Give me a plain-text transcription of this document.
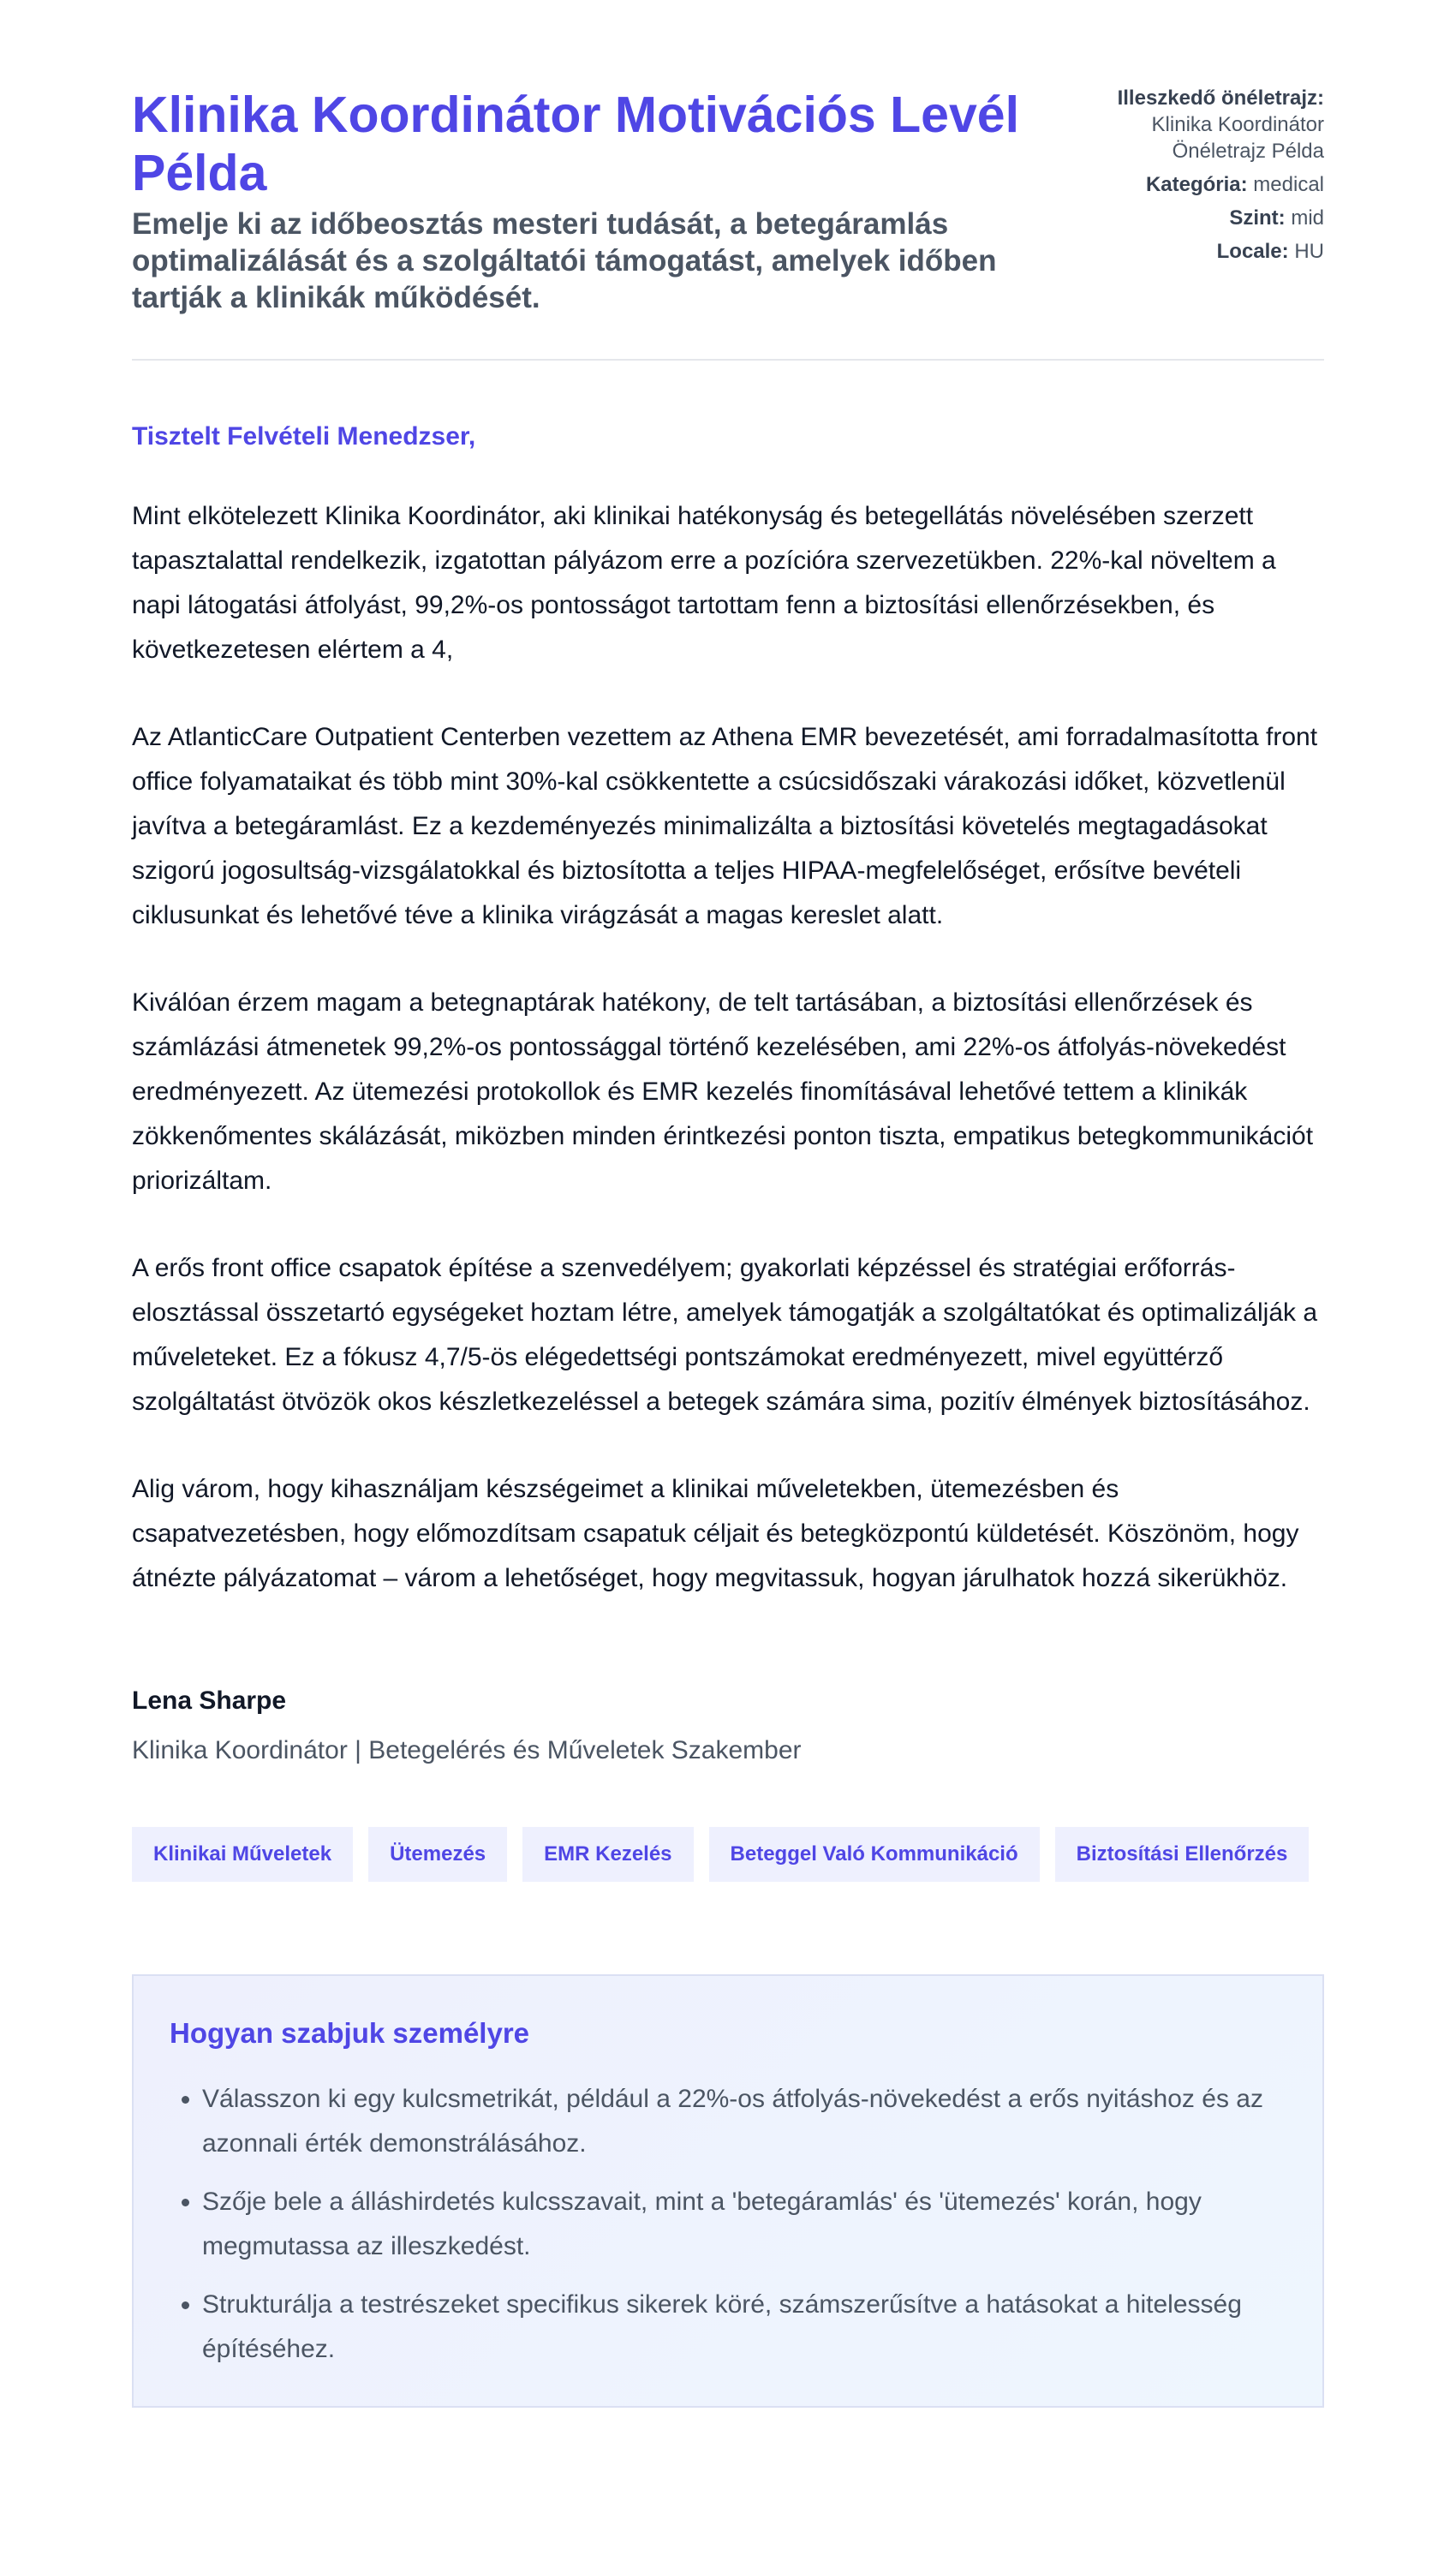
Klinika Koordinátor Motivációs Levél Példa
Emelje ki az időbeosztás mesteri tudását, a betegáramlás optimalizálását és a szolgáltatói támogatást, amelyek időben tartják a klinikák működését.
Illeszkedő önéletrajz:
Klinika Koordinátor
Önéletrajz Példa
Kategória: medical
Szint: mid
Locale: HU

Tisztelt Felvételi Menedzser,

Mint elkötelezett Klinika Koordinátor, aki klinikai hatékonyság és betegellátás növelésében szerzett tapasztalattal rendelkezik, izgatottan pályázom erre a pozícióra szervezetükben. 22%-kal növeltem a napi látogatási átfolyást, 99,2%-os pontosságot tartottam fenn a biztosítási ellenőrzésekben, és következetesen elértem a 4,

Az AtlanticCare Outpatient Centerben vezettem az Athena EMR bevezetését, ami forradalmasította front office folyamataikat és több mint 30%-kal csökkentette a csúcsidőszaki várakozási időket, közvetlenül javítva a betegáramlást. Ez a kezdeményezés minimalizálta a biztosítási követelés megtagadásokat szigorú jogosultság-vizsgálatokkal és biztosította a teljes HIPAA-megfelelőséget, erősítve bevételi ciklusunkat és lehetővé téve a klinika virágzását a magas kereslet alatt.

Kiválóan érzem magam a betegnaptárak hatékony, de telt tartásában, a biztosítási ellenőrzések és számlázási átmenetek 99,2%-os pontossággal történő kezelésében, ami 22%-os átfolyás-növekedést eredményezett. Az ütemezési protokollok és EMR kezelés finomításával lehetővé tettem a klinikák zökkenőmentes skálázását, miközben minden érintkezési ponton tiszta, empatikus betegkommunikációt priorizáltam.

A erős front office csapatok építése a szenvedélyem; gyakorlati képzéssel és stratégiai erőforrás-elosztással összetartó egységeket hoztam létre, amelyek támogatják a szolgáltatókat és optimalizálják a műveleteket. Ez a fókusz 4,7/5-ös elégedettségi pontszámokat eredményezett, mivel együttérző szolgáltatást ötvözök okos készletkezeléssel a betegek számára sima, pozitív élmények biztosításához.

Alig várom, hogy kihasználjam készségeimet a klinikai műveletekben, ütemezésben és csapatvezetésben, hogy előmozdítsam csapatuk céljait és betegközpontú küldetését. Köszönöm, hogy átnézte pályázatomat – várom a lehetőséget, hogy megvitassuk, hogyan járulhatok hozzá sikerükhöz.

Lena Sharpe
Klinika Koordinátor | Betegelérés és Műveletek Szakember
Klinikai Műveletek	Ütemezés	EMR Kezelés	Beteggel Való Kommunikáció	Biztosítási Ellenőrzés
Hogyan szabjuk személyre
• Válasszon ki egy kulcsmetrikát, például a 22%-os átfolyás-növekedést a erős nyitáshoz és az azonnali érték demonstrálásához.
• Szője bele a álláshirdetés kulcsszavait, mint a 'betegáramlás' és 'ütemezés' korán, hogy megmutassa az illeszkedést.
• Strukturálja a testrészeket specifikus sikerek köré, számszerűsítve a hatásokat a hitelesség építéséhez.
